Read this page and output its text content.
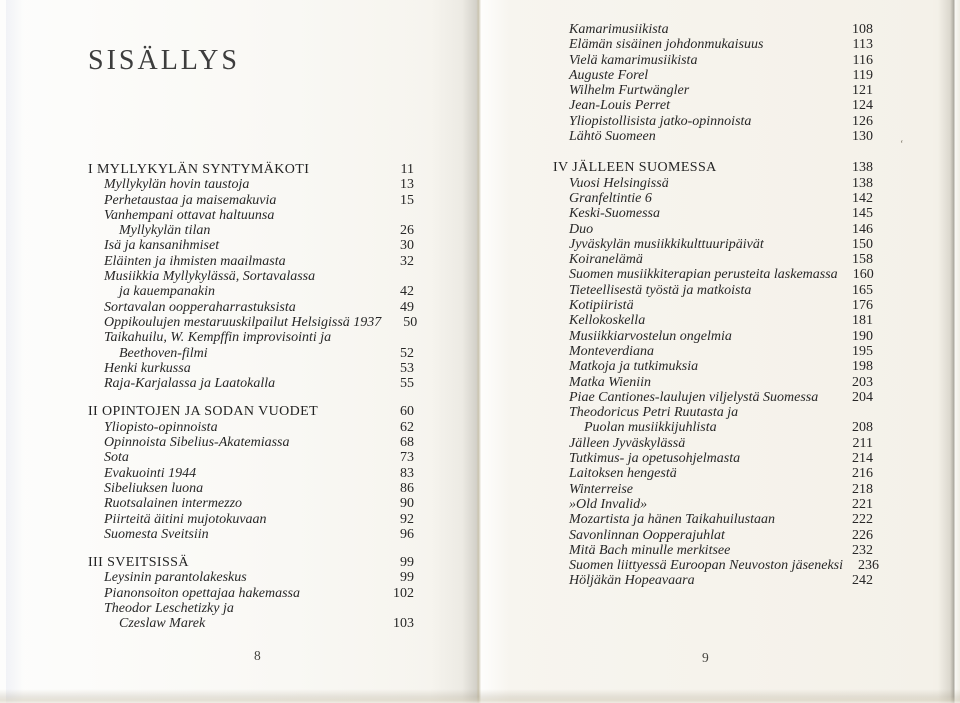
SISÄLLYS
I MYLLYKYLÄN SYNTYMÄKOTI	11
Myllykylän hovin taustoja	13
Perhetaustaa ja maisemakuvia	15
Vanhempani ottavat haltuunsa
Myllykylän tilan	26
Isä ja kansanihmiset	30
Eläinten ja ihmisten maailmasta	32
Musiikkia Myllykylässä, Sortavalassa
ja kauempanakin	42
Sortavalan oopperaharrastuksista	49
Oppikoulujen mestaruuskilpailut Helsigissä 1937	50
Taikahuilu, W. Kempffin improvisointi ja
Beethoven-filmi	52
Henki kurkussa	53
Raja-Karjalassa ja Laatokalla	55
II OPINTOJEN JA SODAN VUODET	60
Yliopisto-opinnoista	62
Opinnoista Sibelius-Akatemiassa	68
Sota	73
Evakuointi 1944	83
Sibeliuksen luona	86
Ruotsalainen intermezzo	90
Piirteitä äitini mujotokuvaan	92
Suomesta Sveitsiin	96
III SVEITSISSÄ	99
Leysinin parantolakeskus	99
Pianonsoiton opettajaa hakemassa	102
Theodor Leschetizky ja
Czeslaw Marek	103
Kamarimusiikista	108
Elämän sisäinen johdonmukaisuus	113
Vielä kamarimusiikista	116
Auguste Forel	119
Wilhelm Furtwängler	121
Jean-Louis Perret	124
Yliopistollisista jatko-opinnoista	126
Lähtö Suomeen	130
IV JÄLLEEN SUOMESSA	138
Vuosi Helsingissä	138
Granfeltintie 6	142
Keski-Suomessa	145
Duo	146
Jyväskylän musiikkikulttuuripäivät	150
Koiranelämä	158
Suomen musiikkiterapian perusteita laskemassa	160
Tieteellisestä työstä ja matkoista	165
Kotipiiristä	176
Kellokoskella	181
Musiikkiarvostelun ongelmia	190
Monteverdiana	195
Matkoja ja tutkimuksia	198
Matka Wieniin	203
Piae Cantiones-laulujen viljelystä Suomessa	204
Theodoricus Petri Ruutasta ja
Puolan musiikkijuhlista	208
Jälleen Jyväskylässä	211
Tutkimus- ja opetusohjelmasta	214
Laitoksen hengestä	216
Winterreise	218
»Old Invalid»	221
Mozartista ja hänen Taikahuilustaan	222
Savonlinnan Oopperajuhlat	226
Mitä Bach minulle merkitsee	232
Suomen liittyessä Euroopan Neuvoston jäseneksi	236
Höljäkän Hopeavaara	242
8	9
ʻ
